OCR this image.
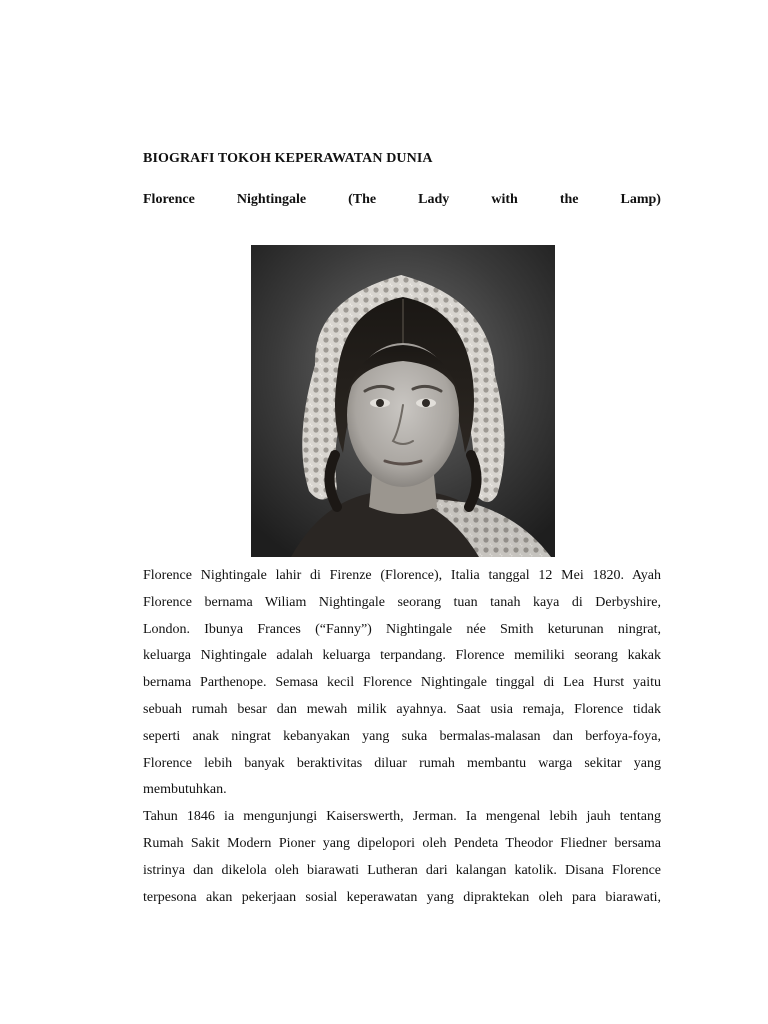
BIOGRAFI TOKOH KEPERAWATAN DUNIA
Florence	Nightingale	(The	Lady	with	the	Lamp)
Florence Nightingale lahir di Firenze (Florence), Italia tanggal 12 Mei 1820. Ayah
Florence bernama Wiliam Nightingale seorang tuan tanah kaya di Derbyshire,
London. Ibunya Frances (“Fanny”) Nightingale née Smith keturunan ningrat,
keluarga Nightingale adalah keluarga terpandang. Florence memiliki seorang kakak
bernama Parthenope. Semasa kecil Florence Nightingale tinggal di Lea Hurst yaitu
sebuah rumah besar dan mewah milik ayahnya. Saat usia remaja, Florence tidak
seperti anak ningrat kebanyakan yang suka bermalas-malasan dan berfoya-foya,
Florence lebih banyak beraktivitas diluar rumah membantu warga sekitar yang
membutuhkan.
Tahun 1846 ia mengunjungi Kaiserswerth, Jerman. Ia mengenal lebih jauh tentang
Rumah Sakit Modern Pioner yang dipelopori oleh Pendeta Theodor Fliedner bersama
istrinya dan dikelola oleh biarawati Lutheran dari kalangan katolik. Disana Florence
terpesona akan pekerjaan sosial keperawatan yang dipraktekan oleh para biarawati,
